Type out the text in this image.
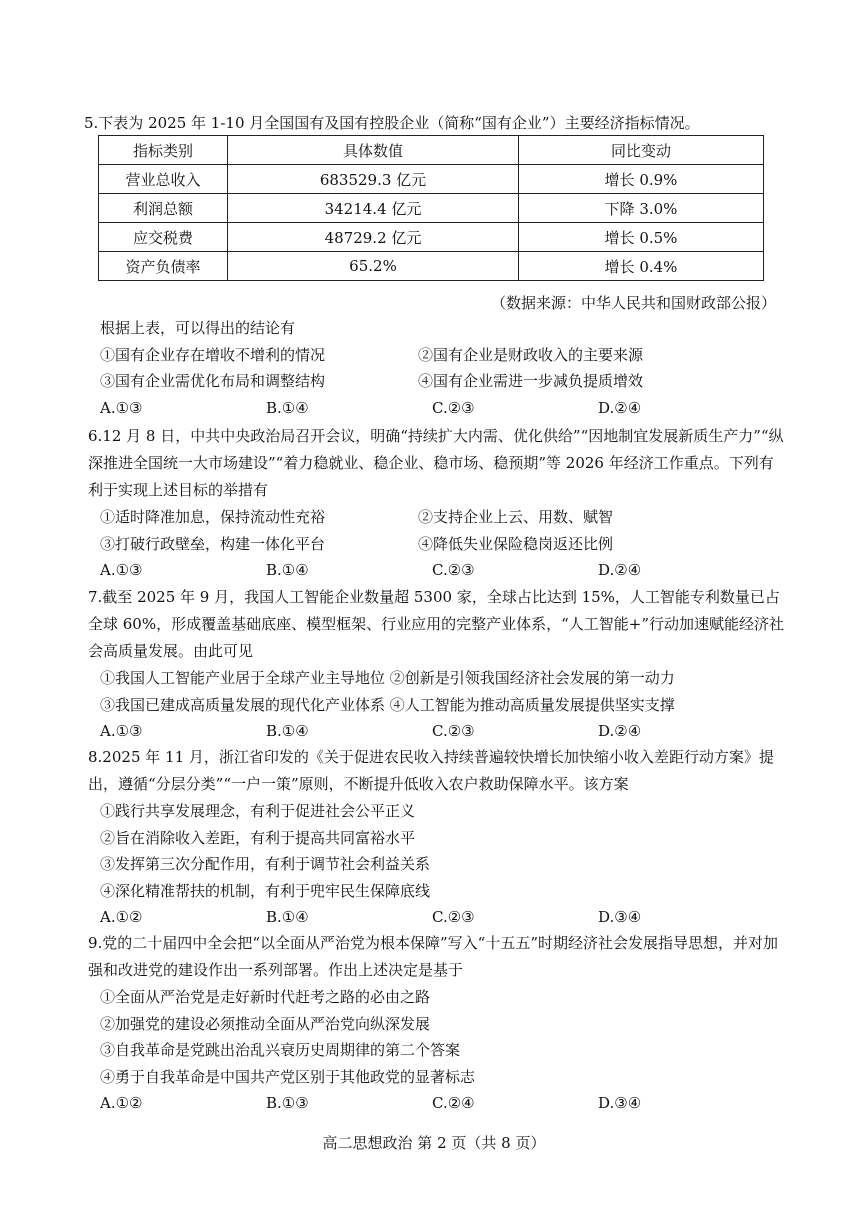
5.下表为 2025 年 1-10 月全国国有及国有控股企业（简称“国有企业”）主要经济指标情况。

指标类别	具体数值	同比变动
营业总收入	683529.3 亿元	增长 0.9%
利润总额	34214.4 亿元	下降 3.0%
应交税费	48729.2 亿元	增长 0.5%
资产负债率	65.2%	增长 0.4%
（数据来源：中华人民共和国财政部公报）

根据上表，可以得出的结论有

①国有企业存在增收不增利的情况	②国有企业是财政收入的主要来源
③国有企业需优化布局和调整结构	④国有企业需进一步减负提质增效
A.①③	B.①④	C.②③	D.②④

6.12 月 8 日，中共中央政治局召开会议，明确“持续扩大内需、优化供给”“因地制宜发展新质生产力”“纵深推进全国统一大市场建设”“着力稳就业、稳企业、稳市场、稳预期”等 2026 年经济工作重点。下列有利于实现上述目标的举措有

①适时降准加息，保持流动性充裕	②支持企业上云、用数、赋智
③打破行政壁垒，构建一体化平台	④降低失业保险稳岗返还比例
A.①③	B.①④	C.②③	D.②④

7.截至 2025 年 9 月，我国人工智能企业数量超 5300 家，全球占比达到 15%，人工智能专利数量已占全球 60%，形成覆盖基础底座、模型框架、行业应用的完整产业体系，“人工智能+”行动加速赋能经济社会高质量发展。由此可见

①我国人工智能产业居于全球产业主导地位 ②创新是引领我国经济社会发展的第一动力

③我国已建成高质量发展的现代化产业体系 ④人工智能为推动高质量发展提供坚实支撑

A.①③	B.①④	C.②③	D.②④

8.2025 年 11 月，浙江省印发的《关于促进农民收入持续普遍较快增长加快缩小收入差距行动方案》提出，遵循“分层分类”“一户一策”原则，不断提升低收入农户救助保障水平。该方案

①践行共享发展理念，有利于促进社会公平正义

②旨在消除收入差距，有利于提高共同富裕水平

③发挥第三次分配作用，有利于调节社会利益关系

④深化精准帮扶的机制，有利于兜牢民生保障底线

A.①②	B.①④	C.②③	D.③④

9.党的二十届四中全会把“以全面从严治党为根本保障”写入“十五五”时期经济社会发展指导思想，并对加强和改进党的建设作出一系列部署。作出上述决定是基于

①全面从严治党是走好新时代赶考之路的必由之路

②加强党的建设必须推动全面从严治党向纵深发展

③自我革命是党跳出治乱兴衰历史周期律的第二个答案

④勇于自我革命是中国共产党区别于其他政党的显著标志

A.①②	B.①③	C.②④	D.③④
高二思想政治 第 2 页（共 8 页）
